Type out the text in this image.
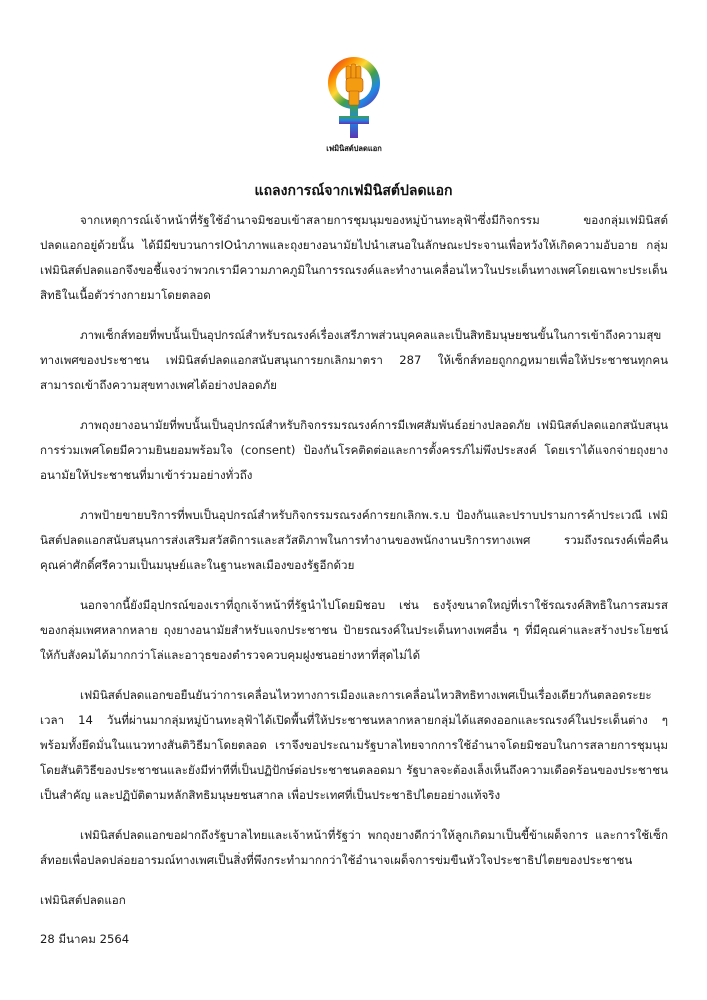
เฟมินิสต์ปลดแอก
แถลงการณ์จากเฟมินิสต์ปลดแอก

จากเหตุการณ์เจ้าหน้าที่รัฐใช้อำนาจมิชอบเข้าสลายการชุมนุมของหมู่บ้านทะลุฟ้าซึ่งมีกิจกรรม ของกลุ่มเฟมินิสต์ปลดแอกอยู่ด้วยนั้น ได้มีมีขบวนการIOนำภาพและถุงยางอนามัยไปนำเสนอในลักษณะประจานเพื่อหวังให้เกิดความอับอาย กลุ่มเฟมินิสต์ปลดแอกจึงขอชี้แจงว่าพวกเรามีความภาคภูมิในการรณรงค์และทำงานเคลื่อนไหวในประเด็นทางเพศโดยเฉพาะประเด็นสิทธิในเนื้อตัวร่างกายมาโดยตลอด

ภาพเซ็กส์ทอยที่พบนั้นเป็นอุปกรณ์สำหรับรณรงค์เรื่องเสรีภาพส่วนบุคคลและเป็นสิทธิมนุษยชนขั้นในการเข้าถึงความสุขทางเพศของประชาชน เฟมินิสต์ปลดแอกสนับสนุนการยกเลิกมาตรา 287 ให้เซ็กส์ทอยถูกกฎหมายเพื่อให้ประชาชนทุกคนสามารถเข้าถึงความสุขทางเพศได้อย่างปลอดภัย

ภาพถุงยางอนามัยที่พบนั้นเป็นอุปกรณ์สำหรับกิจกรรมรณรงค์การมีเพศสัมพันธ์อย่างปลอดภัย เฟมินิสต์ปลดแอกสนับสนุนการร่วมเพศโดยมีความยินยอมพร้อมใจ (consent) ป้องกันโรคติดต่อและการตั้งครรภ์ไม่พึงประสงค์ โดยเราได้แจกจ่ายถุงยางอนามัยให้ประชาชนที่มาเข้าร่วมอย่างทั่วถึง

ภาพป้ายขายบริการที่พบเป็นอุปกรณ์สำหรับกิจกรรมรณรงค์การยกเลิกพ.ร.บ ป้องกันและปราบปรามการค้าประเวณี เฟมินิสต์ปลดแอกสนับสนุนการส่งเสริมสวัสดิการและสวัสดิภาพในการทำงานของพนักงานบริการทางเพศ รวมถึงรณรงค์เพื่อคืนคุณค่าศักดิ์ศรีความเป็นมนุษย์และในฐานะพลเมืองของรัฐอีกด้วย

นอกจากนี้ยังมีอุปกรณ์ของเราที่ถูกเจ้าหน้าที่รัฐนำไปโดยมิชอบ เช่น ธงรุ้งขนาดใหญ่ที่เราใช้รณรงค์สิทธิในการสมรสของกลุ่มเพศหลากหลาย ถุงยางอนามัยสำหรับแจกประชาชน ป้ายรณรงค์ในประเด็นทางเพศอื่น ๆ ที่มีคุณค่าและสร้างประโยชน์ให้กับสังคมได้มากกว่าโล่และอาวุธของตำรวจควบคุมฝูงชนอย่างหาที่สุดไม่ได้

เฟมินิสต์ปลดแอกขอยืนยันว่าการเคลื่อนไหวทางการเมืองและการเคลื่อนไหวสิทธิทางเพศเป็นเรื่องเดียวกันตลอดระยะเวลา 14 วันที่ผ่านมากลุ่มหมู่บ้านทะลุฟ้าได้เปิดพื้นที่ให้ประชาชนหลากหลายกลุ่มได้แสดงออกและรณรงค์ในประเด็นต่าง ๆ พร้อมทั้งยึดมั่นในแนวทางสันติวิธีมาโดยตลอด เราจึงขอประณามรัฐบาลไทยจากการใช้อำนาจโดยมิชอบในการสลายการชุมนุมโดยสันติวิธีของประชาชนและยังมีท่าทีที่เป็นปฏิปักษ์ต่อประชาชนตลอดมา รัฐบาลจะต้องเล็งเห็นถึงความเดือดร้อนของประชาชนเป็นสำคัญ และปฏิบัติตามหลักสิทธิมนุษยชนสากล เพื่อประเทศที่เป็นประชาธิปไตยอย่างแท้จริง

เฟมินิสต์ปลดแอกขอฝากถึงรัฐบาลไทยและเจ้าหน้าที่รัฐว่า พกถุงยางดีกว่าให้ลูกเกิดมาเป็นขี้ข้าเผด็จการ และการใช้เซ็กส์ทอยเพื่อปลดปล่อยอารมณ์ทางเพศเป็นสิ่งที่พึงกระทำมากกว่าใช้อำนาจเผด็จการข่มขืนหัวใจประชาธิปไตยของประชาชน

เฟมินิสต์ปลดแอก

28 มีนาคม 2564
